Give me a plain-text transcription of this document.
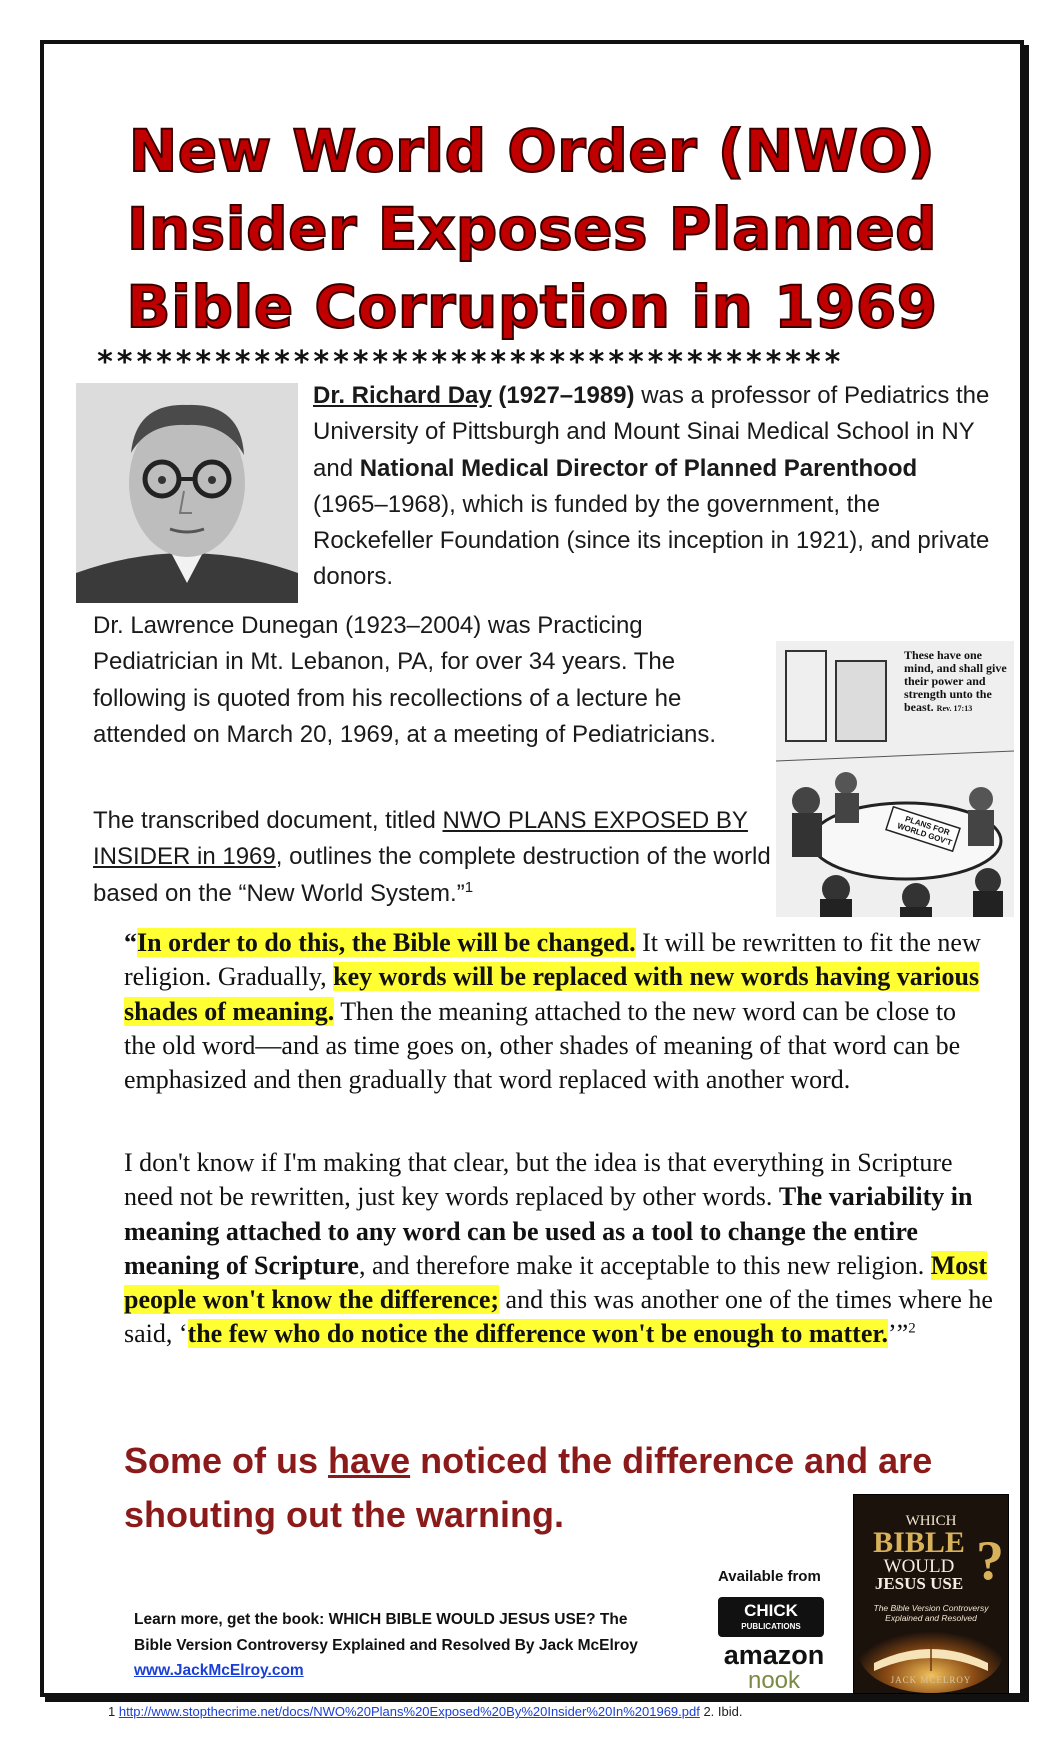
New World Order (NWO)
Insider Exposes Planned
Bible Corruption in 1969
**************************************
Dr. Richard Day (1927–1989) was a professor of Pediatrics the University of Pittsburgh and Mount Sinai Medical School in NY and National Medical Director of Planned Parenthood (1965–1968), which is funded by the government, the Rockefeller Foundation (since its inception in 1921), and private donors.
Dr. Lawrence Dunegan (1923–2004) was Practicing Pediatrician in Mt. Lebanon, PA, for over 34 years. The following is quoted from his recollections of a lecture he attended on March 20, 1969, at a meeting of Pediatricians.
The transcribed document, titled NWO PLANS EXPOSED BY INSIDER in 1969, outlines the complete destruction of the world based on the “New World System.”$^1$
These have one mind, and shall give their power and strength unto the beast. Rev. 17:13
PLANS FOR WORLD GOV'T
“In order to do this, the Bible will be changed. It will be rewritten to fit the new religion. Gradually, key words will be replaced with new words having various shades of meaning. Then the meaning attached to the new word can be close to the old word—and as time goes on, other shades of meaning of that word can be emphasized and then gradually that word replaced with another word.
I don't know if I'm making that clear, but the idea is that everything in Scripture need not be rewritten, just key words replaced by other words. The variability in meaning attached to any word can be used as a tool to change the entire meaning of Scripture, and therefore make it acceptable to this new religion. Most people won't know the difference; and this was another one of the times where he said, ‘the few who do notice the difference won't be enough to matter.’”$^2$
Some of us have noticed the difference and are shouting out the warning.
Available from
CHICK
PUBLICATIONS
amazon
nook
Learn more, get the book: WHICH BIBLE WOULD JESUS USE? The Bible Version Controversy Explained and Resolved By Jack McElroy www.JackMcElroy.com
WHICH
BIBLE
WOULD
JESUS USE ?
The Bible Version Controversy Explained and Resolved
JACK MCELROY
1 http://www.stopthecrime.net/docs/NWO%20Plans%20Exposed%20By%20Insider%20In%201969.pdf 2. Ibid.
